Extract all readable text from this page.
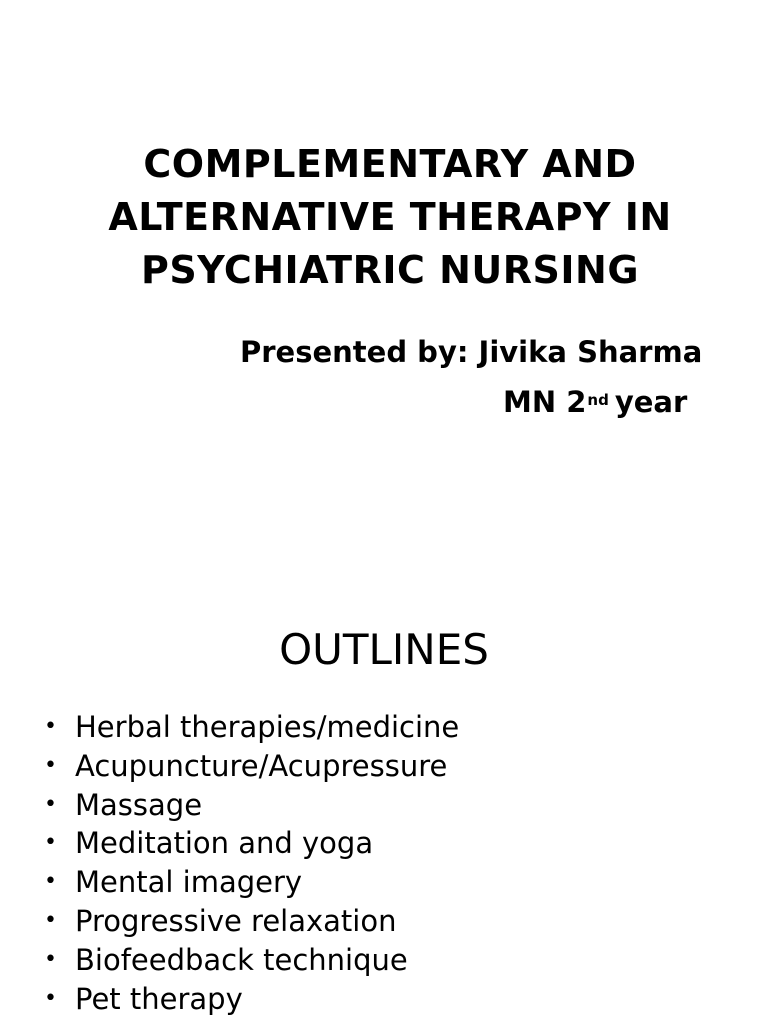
COMPLEMENTARY AND
ALTERNATIVE THERAPY IN
PSYCHIATRIC NURSING
Presented by: Jivika Sharma
MN 2nd year
OUTLINES
• Herbal therapies/medicine
• Acupuncture/Acupressure
• Massage
• Meditation and yoga
• Mental imagery
• Progressive relaxation
• Biofeedback technique
• Pet therapy
